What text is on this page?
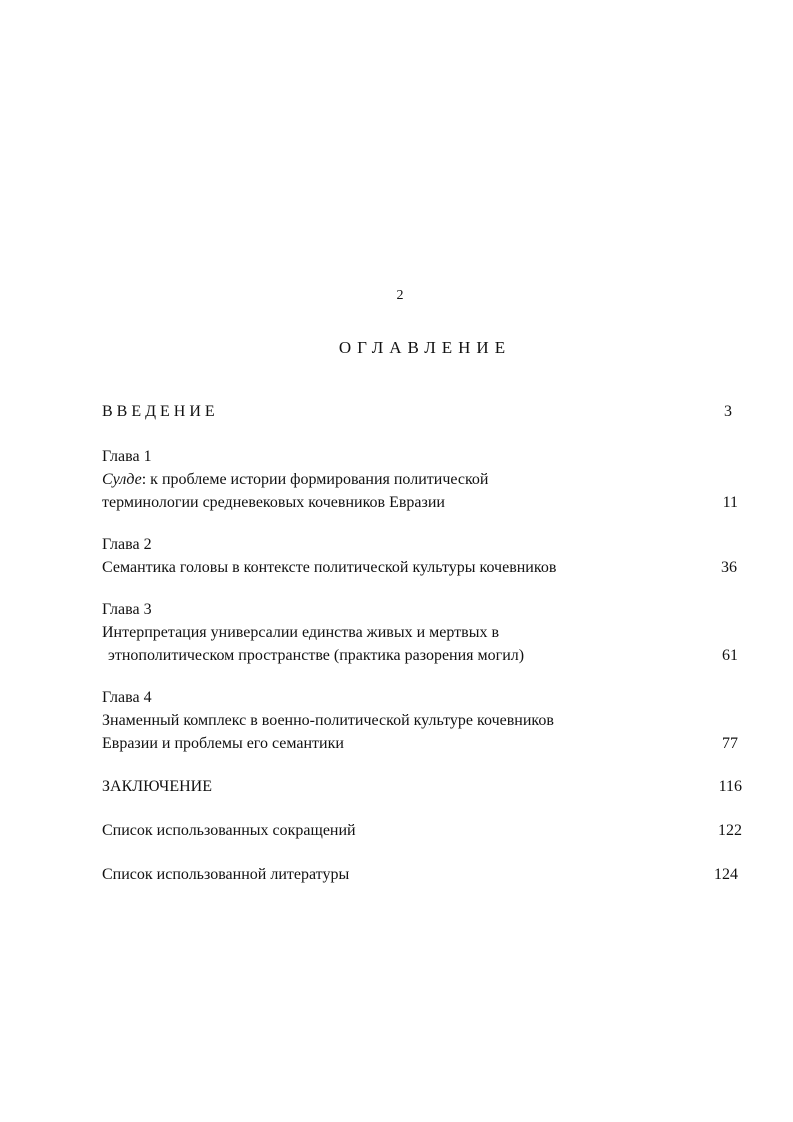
2
ОГЛАВЛЕНИЕ
ВВЕДЕНИЕ	3
Глава 1
Сулде: к проблеме истории формирования политической
терминологии средневековых кочевников Евразии	11
Глава 2
Семантика головы в контексте политической культуры кочевников	36
Глава 3
Интерпретация универсалии единства живых и мертвых в
этнополитическом пространстве (практика разорения могил)	61
Глава 4
Знаменный комплекс в военно-политической культуре кочевников
Евразии и проблемы его семантики	77
ЗАКЛЮЧЕНИЕ	116
Список использованных сокращений	122
Список использованной литературы	124
